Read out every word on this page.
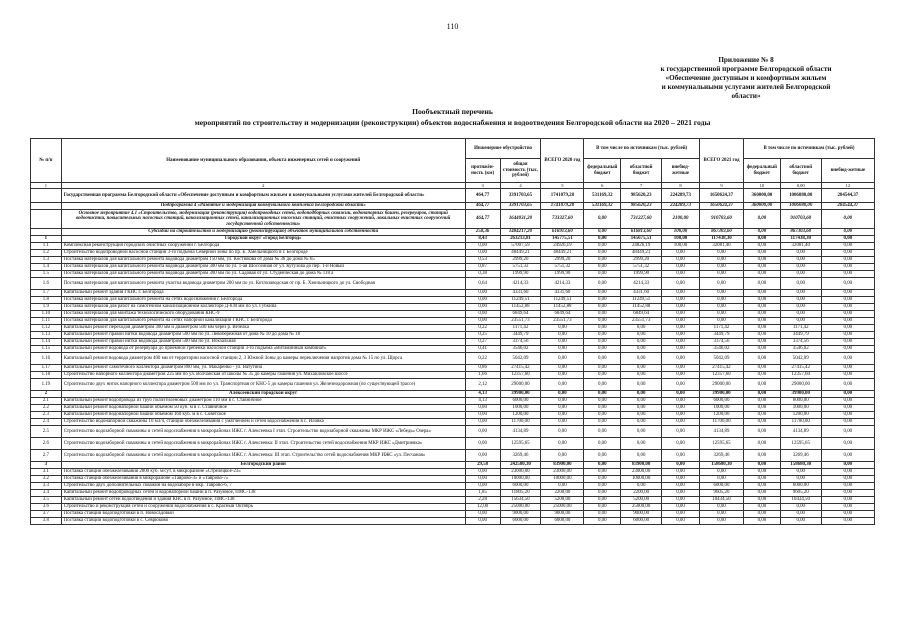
110
Приложение № 8
к государственной программе Белгородской области
«Обеспечение доступным и комфортным жильем
и коммунальными услугами жителей Белгородской
области»
Пообъектный перечень
мероприятий по строительству и модернизации (реконструкции) объектов водоснабжения и водоотведения Белгородской области на 2020 – 2021 годы
№ п/п	Наименование муниципального образования, объекта инженерных сетей и сооружений	Инженерное обустройство		ВСЕГО 2020 год	В том числе по источникам (тыс. рублей)			ВСЕГО 2021 год	В том числе по источникам (тыс. рублей)		
		протяжён-ность (км)	общая стоимость (тыс. рублей)		федеральный бюджет	областной бюджет	внебюд-жетные		федеральный бюджет	областной бюджет	внебюд-жетные
1	2	3	4	5	6	7	8	9	10	0,00	12
	Государственная программа Белгородской области «Обеспечение доступным и комфортным жильем и коммунальными услугами жителей Белгородской области»	464,77	3391703,65	1741079,28	531169,32	985620,23	224289,73	1650624,37	360000,00	1006080,00	284544,37
	Подпрограмма 4 «Развитие и модернизация коммунального комплекса Белгородской области»	464,77	3391703,65	1741079,28	531169,32	985620,23	224289,73	1650624,37	360000,00	1006080,00	284544,37
	Основное мероприятие 4.1 «Строительство, модернизация (реконструкция) водопроводных сетей, водоподборных скважин, водонапорных башен, резервуаров, станций водоочистки, повысительных насосных станций, канализационных сетей, канализационных насосных станций, очистных сооружений, локальных очистных сооружений государственной собственности»	464,77	1644031,20	733327,60	0,00	731227,60	2100,00	910703,60	0,00	910703,60	0,00
	Субсидии на строительство и модернизацию (реконструкцию) объектов муниципальной собственности	258,36	1484217,20	616913,60	0,00	616813,60	100,00	867303,60	0,00	867303,60	0,00
1	Городской округ «Город Белгород»	8,43	263213,81	145775,51	0,00	145675,51	100,00	117438,30	0,00	117438,30	0,00
1.1	Комплексная реконструкция городских очистных сооружений г. Белгорода	0,00	57007,59	24926,19	0,00	24826,19	100,00	32081,40	0,00	32081,40	0,00
1.2	Строительство водопроводной насосной станции 3-го подъема Северной зоны по пр. Б. Хмельницкого в г. Белгороде	0,00	48449,21	48449,21	0,00	48449,21	0,00	0,00	0,00	0,00	0,00
1.3	Поставка материалов для капитального ремонта водовода диаметром 150 мм, ул. Костюкова от дома № 36 до дома № 65	0,53	2999,20	2999,20	0,00	2999,20	0,00	0,00	0,00	0,00	0,00
1.4	Поставка материалов для капитального ремонта водовода диаметром 300 мм по ул. 1-ая Шоссейная от ул. Кутузова до пер. 1-й Новый	0,87	5751,32	5751,32	0,00	5751,32	0,00	0,00	0,00	0,00	0,00
1.5	Поставка материалов для капитального ремонта водовода диаметром 300 мм по ул. Садовая от ул. Студенческая до дома № 118 а	0,38	1999,90	1999,90	0,00	1999,90	0,00	0,00	0,00	0,00	0,00
1.6	Поставка материалов для капитального ремонта участка водовода диаметром 200 мм по ул. Котлозаводская от пр. Б. Хмельницкого до ул. Свободная	0,64	4214,33	4214,33	0,00	4214,33	0,00	0,00	0,00	0,00	0,00
1.7	Капитальный ремонт здания ГКНС г. Белгорода	0,00	4331,60	4331,60	0,00	4331,60	0,00	0,00	0,00	0,00	0,00
1.8	Поставка материалов для капитального ремонта на сетях водоснабжения г. Белгорода	0,00	11249,51	11249,51	0,00	11249,51	0,00	0,00	0,00	0,00	0,00
1.9	Поставка материалов для работ на самотечном канализационном коллекторе Д-630 мм по ул. Губкина	0,00	11452,88	11452,88	0,00	11452,88	0,00	0,00	0,00	0,00	0,00
1.10	Поставка материалов для монтажа технологического оборудования КНС-9	0,00	6849,64	6849,64	0,00	6849,64	0,00	0,00	0,00	0,00	0,00
1.11	Поставка материалов для капитального ремонта на сетях напорной канализации ГКНС г. Белгорода	0,00	23551,73	23551,73	0,00	23551,73	0,00	0,00	0,00	0,00	0,00
1.12	Капитальный ремонт переходов диаметром 300 мм и диаметром 500 мм через р. Везелка	0,22	1171,42	0,00	0,00	0,00	0,00	1171,42	0,00	1171,42	0,00
1.13	Капитальный ремонт правой нитки водовода диаметром 500 мм по ул. Левобережная от дома № 10 до дома № 18	0,25	3449,79	0,00	0,00	0,00	0,00	3449,79	0,00	3449,79	0,00
1.14	Капитальный ремонт правой нитки водовода диаметром 500 мм по ул. Вокзальная	0,27	3374,56	0,00	0,00	0,00	0,00	3374,56	0,00	3374,56	0,00
1.15	Капитальный ремонт водовода от резервуара до приемной гребенки насосной станции 3-го подъема «Витаминный комбинат»	0,41	3546,02	0,00	0,00	0,00	0,00	3546,02	0,00	3546,02	0,00
1.16	Капитальный ремонт водовода диаметром 400 мм от территории насосной станции 2, 3 Южной Зоны до камеры переключения напротив дома № 15 по ул. Щорса	0,22	5042,09	0,00	0,00	0,00	0,00	5042,09	0,00	5042,09	0,00
1.17	Капитальный ремонт самотечного коллектора диаметром 800 мм, ул. Макаренко - ул. Ватутина	0,86	27415,42	0,00	0,00	0,00	0,00	27415,42	0,00	27415,42	0,00
1.18	Строительство напорного коллектора диаметром 225 мм по ул. Волчанская от школы № 35 до камеры гашения ул. Михайловское шоссе	1,66	12357,60	0,00	0,00	0,00	0,00	12357,60	0,00	12357,60	0,00
1.19	Строительство двух ниток напорного коллектора диаметром 500 мм по ул. Транспортная от КНС-5 до камеры гашения ул. Железнодорожная (по существующей трассе)	2,12	29000,00	0,00	0,00	0,00	0,00	29000,00	0,00	29000,00	0,00
2	Алексеевский городской округ	4,13	39900,00	0,00	0,00	0,00	0,00	39900,00	0,00	39900,00	0,00
2.1	Капитальный ремонт водопровода из труб полиэтиленовых диаметром 110 мм в с. Ставничное	4,13	6000,00	0,00	0,00	0,00	0,00	6000,00	0,00	6000,00	0,00
2.2	Капитальный ремонт водонапорной башни объемом 50 куб. м в с. Ставничное	0,00	1000,00	0,00	0,00	0,00	0,00	1000,00	0,00	1000,00	0,00
2.3	Капитальный ремонт водонапорной башни объемом 160 куб. м в с. Советское	0,00	1200,00	0,00	0,00	0,00	0,00	1200,00	0,00	1200,00	0,00
2.4	Строительство водонапорной скважины 10 м3/ч, станции обезжелезивания с умягчением и сетей водоснабжения в с. Иловка	0,00	11700,00	0,00	0,00	0,00	0,00	11700,00	0,00	11700,00	0,00
2.5	Строительство водозаборной скважины и сетей водоснабжения в микрорайонах ИЖС г. Алексеевка I этап. Строительство водозаборной скважины МКР ИЖС «Лебедь» Озера»	0,00	4134,89	0,00	0,00	0,00	0,00	4134,89	0,00	4134,89	0,00
2.6	Строительство водозаборной скважины и сетей водоснабжения в микрорайонах ИЖС г. Алексеевка: II этап. Строительство сетей водоснабжения МКР ИЖС «Дмитриевка»	0,00	12595,65	0,00	0,00	0,00	0,00	12595,65	0,00	12595,65	0,00
2.7	Строительство водозаборной скважины и сетей водоснабжения в микрорайонах ИЖС г. Алексеевка: III этап. Строительство сетей водоснабжения МКР ИЖС «ул. Песчаная»	0,00	3269,46	0,00	0,00	0,00	0,00	3269,46	0,00	3269,46	0,00
3	Белгородский район	29,58	242580,30	83900,00	0,00	83900,00	0,00	158680,30	0,00	158680,30	0,00
3.1	Поставка станции обезжелезивания 2800 куб. м/сут. в микрорайоне «Стрелецкое-23»	0,00	23000,00	23000,00	0,00	23000,00	0,00	0,00	0,00	0,00	0,00
3.2	Поставка станции обезжелезивания в микрорайоне «Таврово-3» и «Таврово-7»	0,00	10000,00	10000,00	0,00	10000,00	0,00	0,00	0,00	0,00	0,00
3.3	Строительство двух дополнительных скважин на водозаборе в мкр. Таврово-6, 7	0,00	6000,00	0,00	0,00	0,00	0,00	6000,00	0,00	6000,00	0,00
3.4	Капитальный ремонт водопроводных сетей и водонапорной башни в п. Разумное, ПМС-138	1,85	11805,20	2200,00	0,00	2200,00	0,00	9605,20	0,00	9605,20	0,00
3.5	Капитальный ремонт сетей водоотведения и здания КНС в п. Разумное, ПМС-138	2,28	15634,50	5200,00	0,00	5200,00	0,00	10434,50	0,00	10434,50	0,00
3.6	Строительство и реконструкция сетей и сооружений водоснабжения в с. Красный Октябрь	12,00	25000,00	25000,00	0,00	25000,00	0,00	0,00	0,00	0,00	0,00
3.7	Поставка станции водоподготовки в п. Новосадовый	0,00	9000,00	9000,00	0,00	9000,00	0,00	0,00	0,00	0,00	0,00
3.8	Поставка станции водоподготовки в с. Севрюково	0,00	6000,00	6000,00	0,00	6000,00	0,00	0,00	0,00	0,00	0,00
